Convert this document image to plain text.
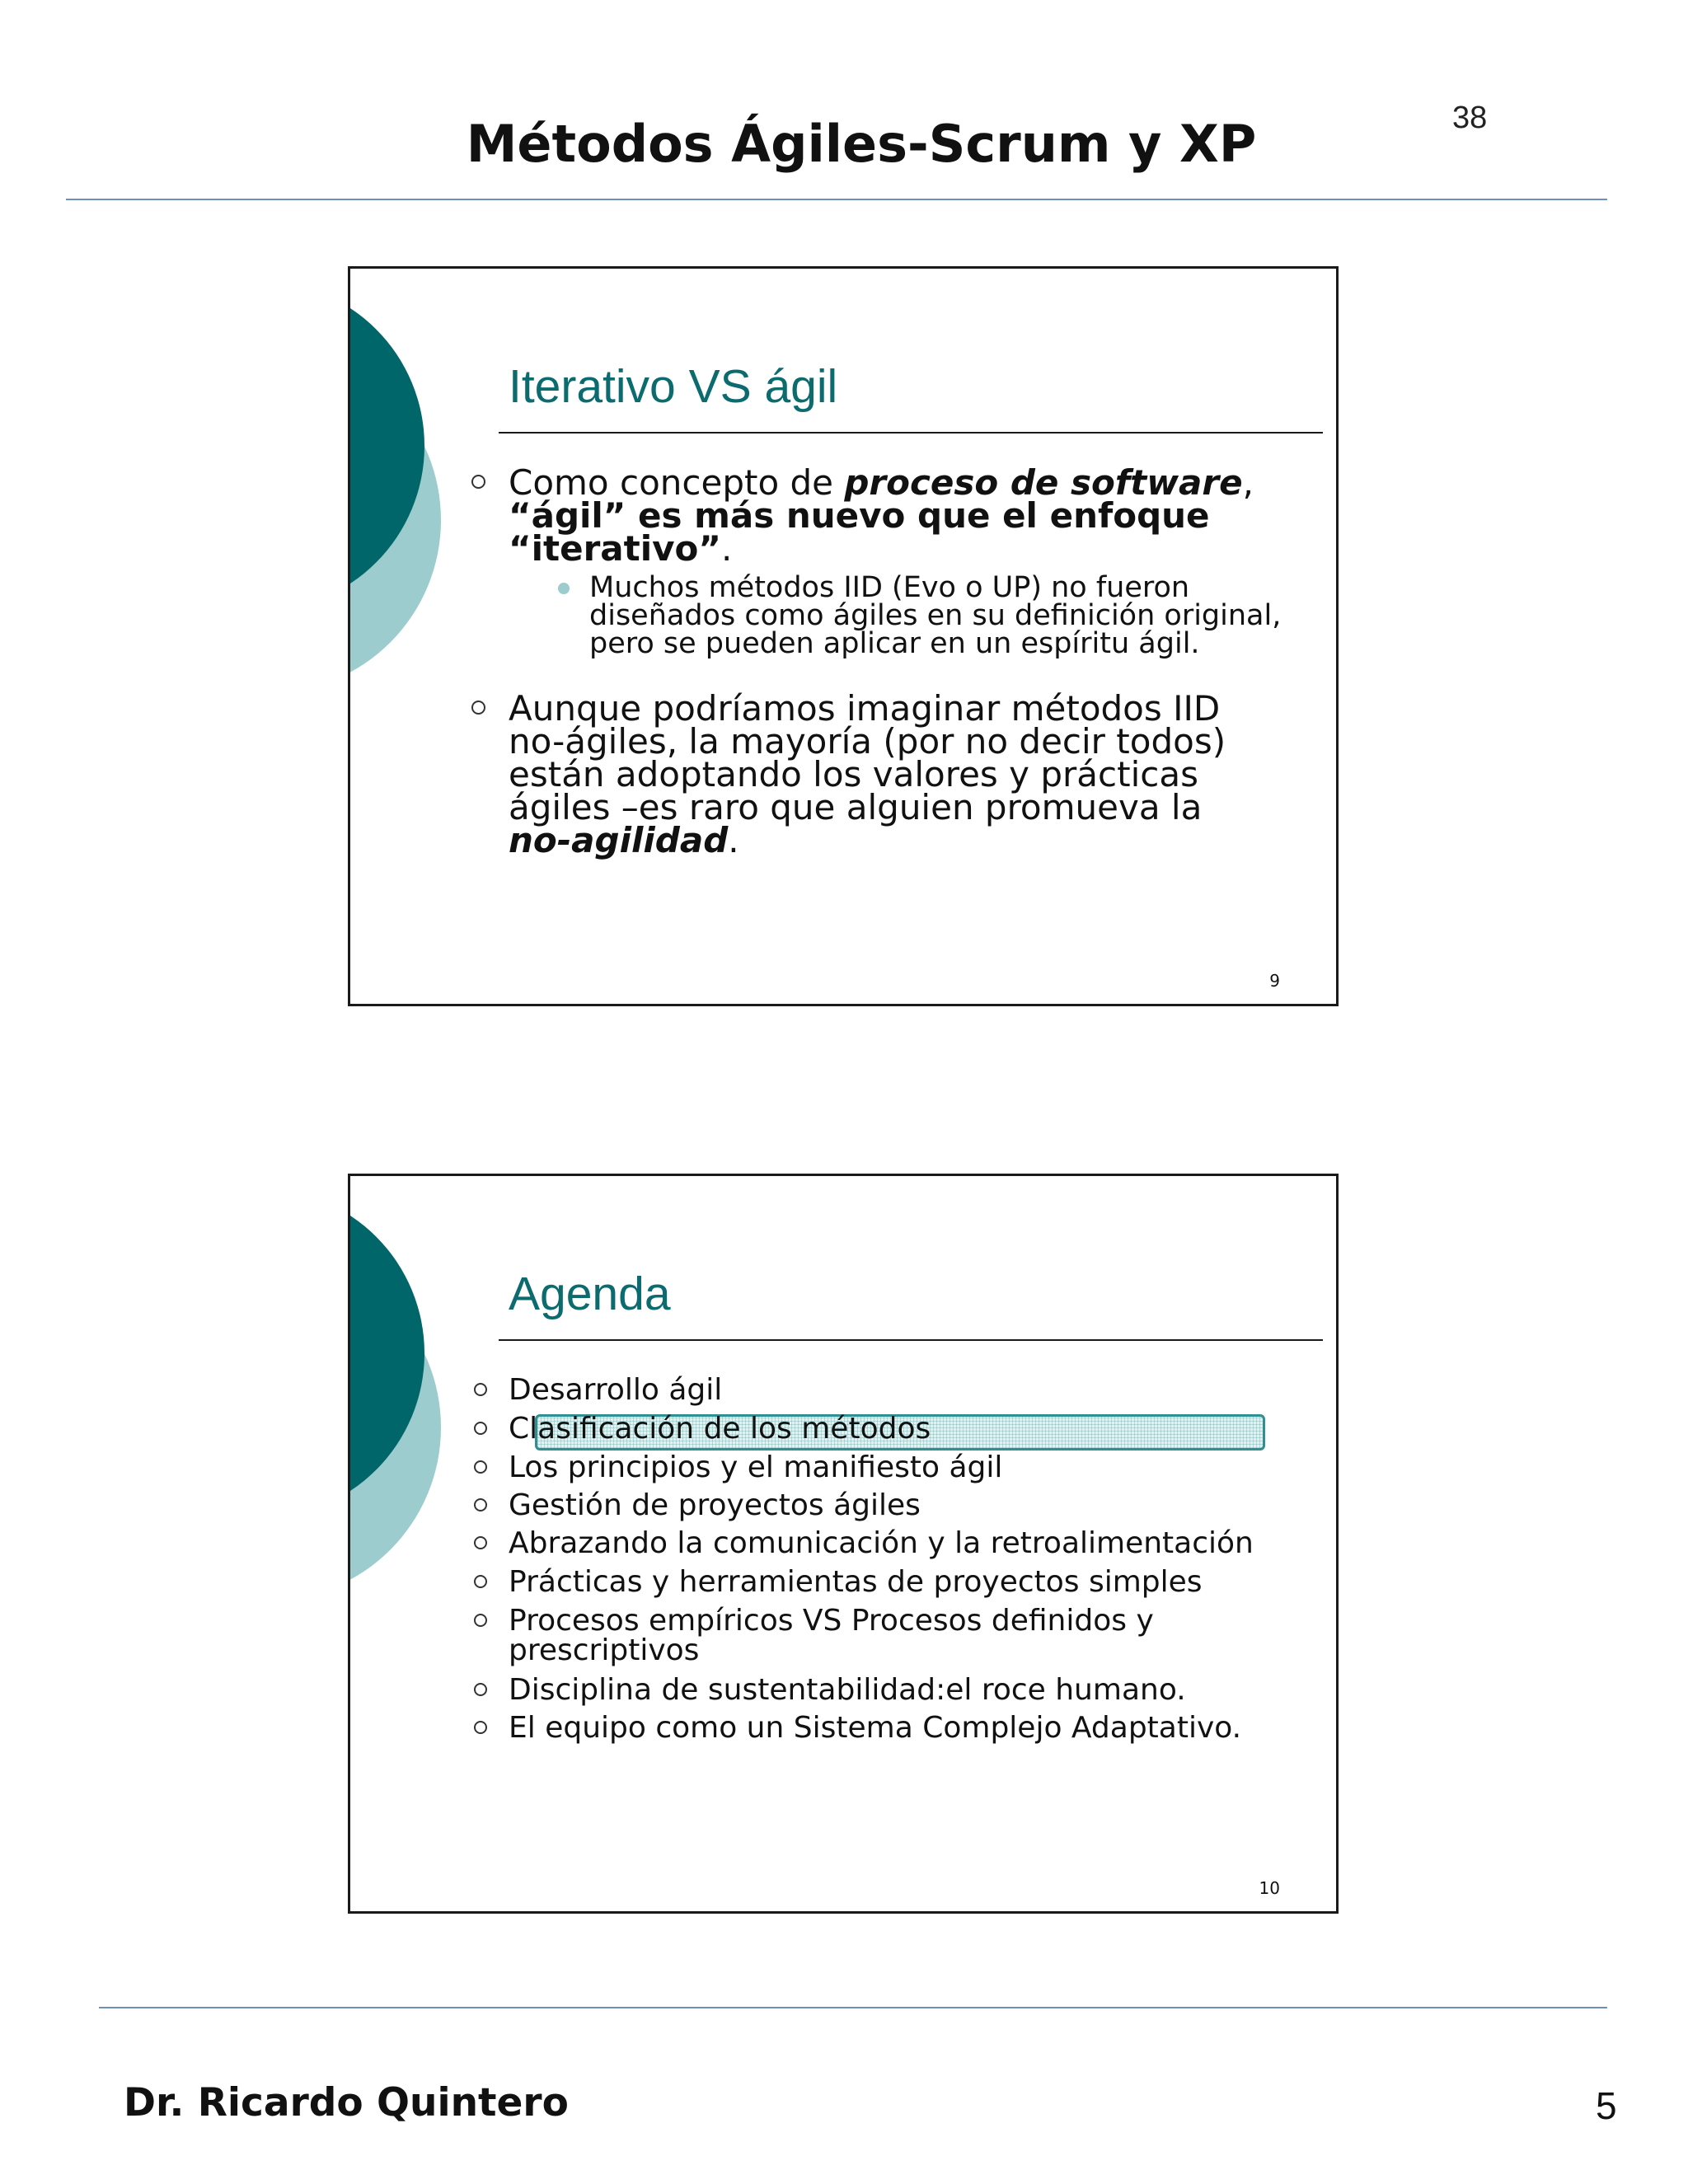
38
Métodos Ágiles-Scrum y XP
Iterativo VS ágil
Como concepto de proceso de software, “ágil” es más nuevo que el enfoque “iterativo”.
Muchos métodos IID (Evo o UP) no fueron diseñados como ágiles en su definición original, pero se pueden aplicar en un espíritu ágil.
Aunque podríamos imaginar métodos IID no-ágiles, la mayoría (por no decir todos) están adoptando los valores y prácticas ágiles –es raro que alguien promueva la no-agilidad.
9
Agenda
Desarrollo ágil
Clasificación de los métodos
Los principios y el manifiesto ágil
Gestión de proyectos ágiles
Abrazando la comunicación y la retroalimentación
Prácticas y herramientas de proyectos simples
Procesos empíricos VS Procesos definidos y prescriptivos
Disciplina de sustentabilidad:el roce humano.
El equipo como un Sistema Complejo Adaptativo.
10
Dr. Ricardo Quintero	5
